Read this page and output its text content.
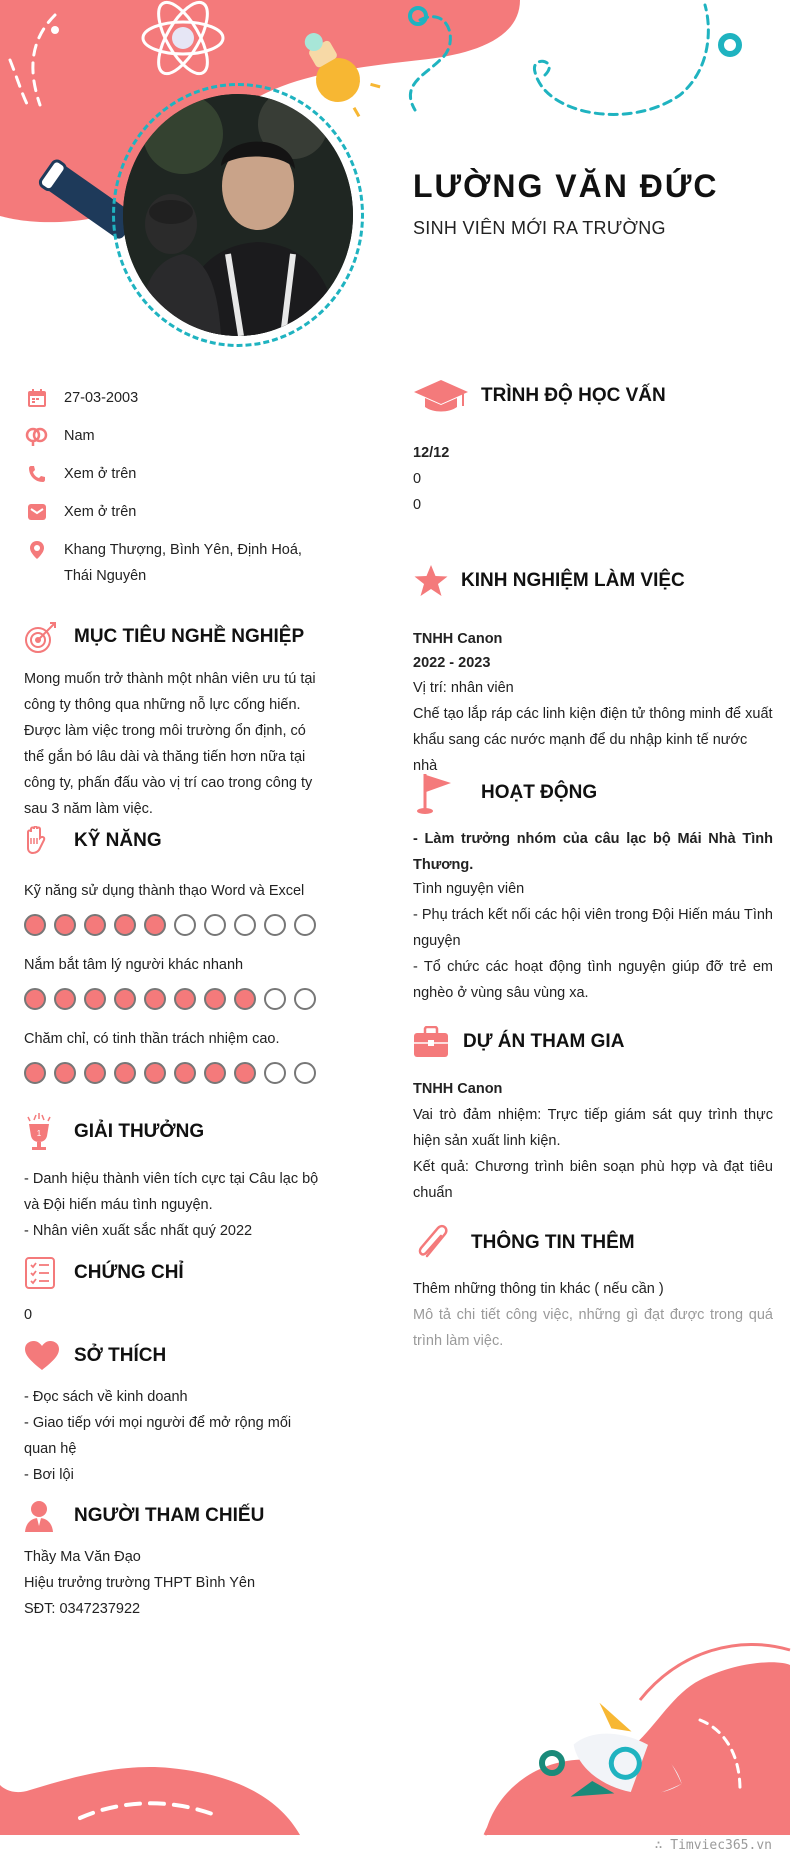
LƯỜNG VĂN ĐỨC
SINH VIÊN MỚI RA TRƯỜNG
27-03-2003
Nam
Xem ở trên
Xem ở trên
Khang Thượng, Bình Yên, Định Hoá, Thái Nguyên
MỤC TIÊU NGHỀ NGHIỆP
Mong muốn trở thành một nhân viên ưu tú tại công ty thông qua những nỗ lực cống hiến. Được làm việc trong môi trường ổn định, có thể gắn bó lâu dài và thăng tiến hơn nữa tại công ty, phấn đấu vào vị trí cao trong công ty sau 3 năm làm việc.
KỸ NĂNG
Kỹ năng sử dụng thành thạo Word và Excel
Nắm bắt tâm lý người khác nhanh
Chăm chỉ, có tinh thần trách nhiệm cao.
1 GIẢI THƯỞNG
- Danh hiệu thành viên tích cực tại Câu lạc bộ và Đội hiến máu tình nguyện.
- Nhân viên xuất sắc nhất quý 2022
CHỨNG CHỈ
0
SỞ THÍCH
- Đọc sách về kinh doanh
- Giao tiếp với mọi người để mở rộng mối quan hệ
- Bơi lội
NGƯỜI THAM CHIẾU
Thầy Ma Văn Đạo
Hiệu trưởng trường THPT Bình Yên
SĐT: 0347237922
TRÌNH ĐỘ HỌC VẤN
12/12
0
0
KINH NGHIỆM LÀM VIỆC
TNHH Canon
2022 - 2023
Vị trí: nhân viên
Chế tạo lắp ráp các linh kiện điện tử thông minh để xuất khẩu sang các nước mạnh để du nhập kinh tế nước nhà
HOẠT ĐỘNG
- Làm trưởng nhóm của câu lạc bộ Mái Nhà Tình Thương.
Tình nguyện viên
- Phụ trách kết nối các hội viên trong Đội Hiến máu Tình nguyện
- Tổ chức các hoạt động tình nguyện giúp đỡ trẻ em nghèo ở vùng sâu vùng xa.
DỰ ÁN THAM GIA
TNHH Canon
Vai trò đảm nhiệm: Trực tiếp giám sát quy trình thực hiện sản xuất linh kiện.
Kết quả: Chương trình biên soạn phù hợp và đạt tiêu chuẩn
THÔNG TIN THÊM
Thêm những thông tin khác ( nếu cần )
Mô tả chi tiết công việc, những gì đạt được trong quá trình làm việc.
∴ Timviec365.vn
